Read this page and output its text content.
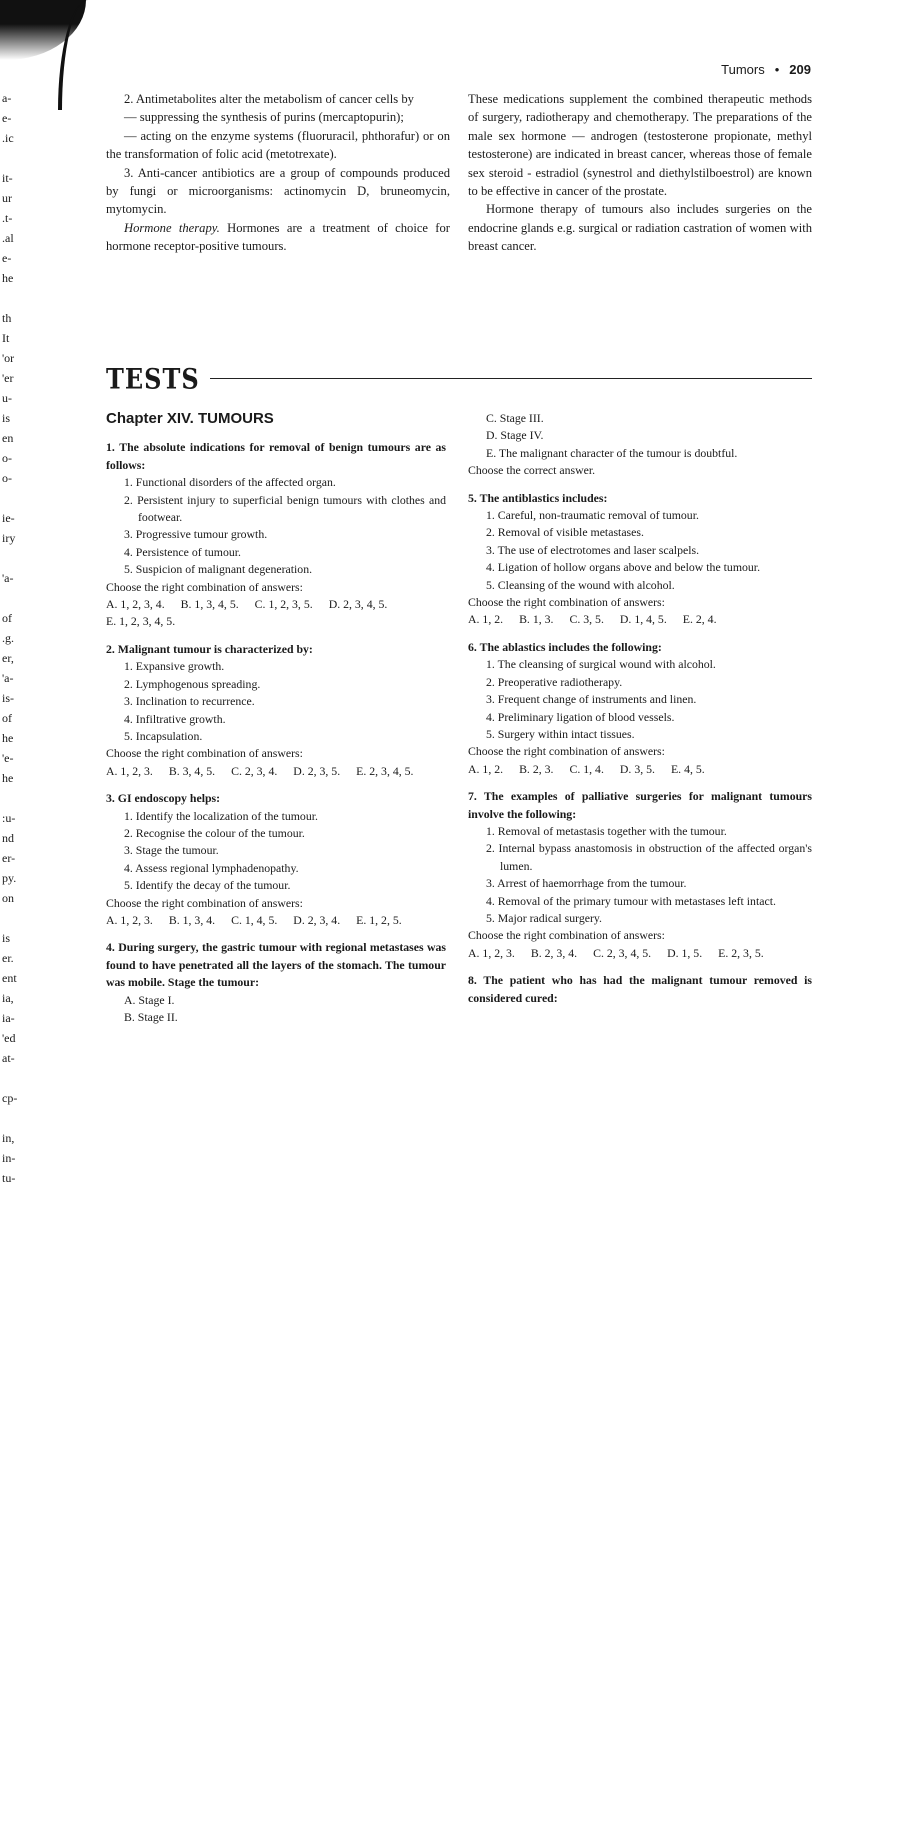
a-
e-
.ic
it-
ur
.t-
.al
e-
he
th
It
'or
'er
u-
is
en
o-
o-
ie-
iry
'a-
of
.g.
er,
'a-
is-
of
he
'e-
he
:u-
nd
er-
py.
on
is
er.
ent
ia,
ia-
'ed
at-
cp-
in,
in-
tu-
Tumors • 209

2. Antimetabolites alter the metabolism of cancer cells by

— suppressing the synthesis of purins (mercaptopurin);

— acting on the enzyme systems (fluoruracil, phthorafur) or on the transformation of folic acid (metotrexate).

3. Anti-cancer antibiotics are a group of compounds produced by fungi or microorganisms: actinomycin D, bruneomycin, mytomycin.

Hormone therapy. Hormones are a treatment of choice for hormone receptor-positive tumours.

These medications supplement the combined therapeutic methods of surgery, radiotherapy and chemotherapy. The preparations of the male sex hormone — androgen (testosterone propionate, methyl testosterone) are indicated in breast cancer, whereas those of female sex steroid - estradiol (synestrol and diethylstilboestrol) are known to be effective in cancer of the prostate.

Hormone therapy of tumours also includes surgeries on the endocrine glands e.g. surgical or radiation castration of women with breast cancer.

TESTS
Chapter XIV. TUMOURS

1. The absolute indications for removal of benign tumours are as follows:

1. Functional disorders of the affected organ.
2. Persistent injury to superficial benign tumours with clothes and footwear.
3. Progressive tumour growth.
4. Persistence of tumour.
5. Suspicion of malignant degeneration.

Choose the right combination of answers:

A. 1, 2, 3, 4. B. 1, 3, 4, 5. C. 1, 2, 3, 5. D. 2, 3, 4, 5.
E. 1, 2, 3, 4, 5.

2. Malignant tumour is characterized by:

1. Expansive growth.
2. Lymphogenous spreading.
3. Inclination to recurrence.
4. Infiltrative growth.
5. Incapsulation.

Choose the right combination of answers:

A. 1, 2, 3. B. 3, 4, 5. C. 2, 3, 4. D. 2, 3, 5. E. 2, 3, 4, 5.

3. GI endoscopy helps:

1. Identify the localization of the tumour.
2. Recognise the colour of the tumour.
3. Stage the tumour.
4. Assess regional lymphadenopathy.
5. Identify the decay of the tumour.

Choose the right combination of answers:

A. 1, 2, 3. B. 1, 3, 4. C. 1, 4, 5. D. 2, 3, 4. E. 1, 2, 5.

4. During surgery, the gastric tumour with regional metastases was found to have penetrated all the layers of the stomach. The tumour was mobile. Stage the tumour:

A. Stage I.
B. Stage II.
C. Stage III.
D. Stage IV.
E. The malignant character of the tumour is doubtful.

Choose the correct answer.

5. The antiblastics includes:

1. Careful, non-traumatic removal of tumour.
2. Removal of visible metastases.
3. The use of electrotomes and laser scalpels.
4. Ligation of hollow organs above and below the tumour.
5. Cleansing of the wound with alcohol.

Choose the right combination of answers:

A. 1, 2. B. 1, 3. C. 3, 5. D. 1, 4, 5. E. 2, 4.

6. The ablastics includes the following:

1. The cleansing of surgical wound with alcohol.
2. Preoperative radiotherapy.
3. Frequent change of instruments and linen.
4. Preliminary ligation of blood vessels.
5. Surgery within intact tissues.

Choose the right combination of answers:

A. 1, 2. B. 2, 3. C. 1, 4. D. 3, 5. E. 4, 5.

7. The examples of palliative surgeries for malignant tumours involve the following:

1. Removal of metastasis together with the tumour.
2. Internal bypass anastomosis in obstruction of the affected organ's lumen.
3. Arrest of haemorrhage from the tumour.
4. Removal of the primary tumour with metastases left intact.
5. Major radical surgery.

Choose the right combination of answers:

A. 1, 2, 3. B. 2, 3, 4. C. 2, 3, 4, 5. D. 1, 5. E. 2, 3, 5.

8. The patient who has had the malignant tumour removed is considered cured:
